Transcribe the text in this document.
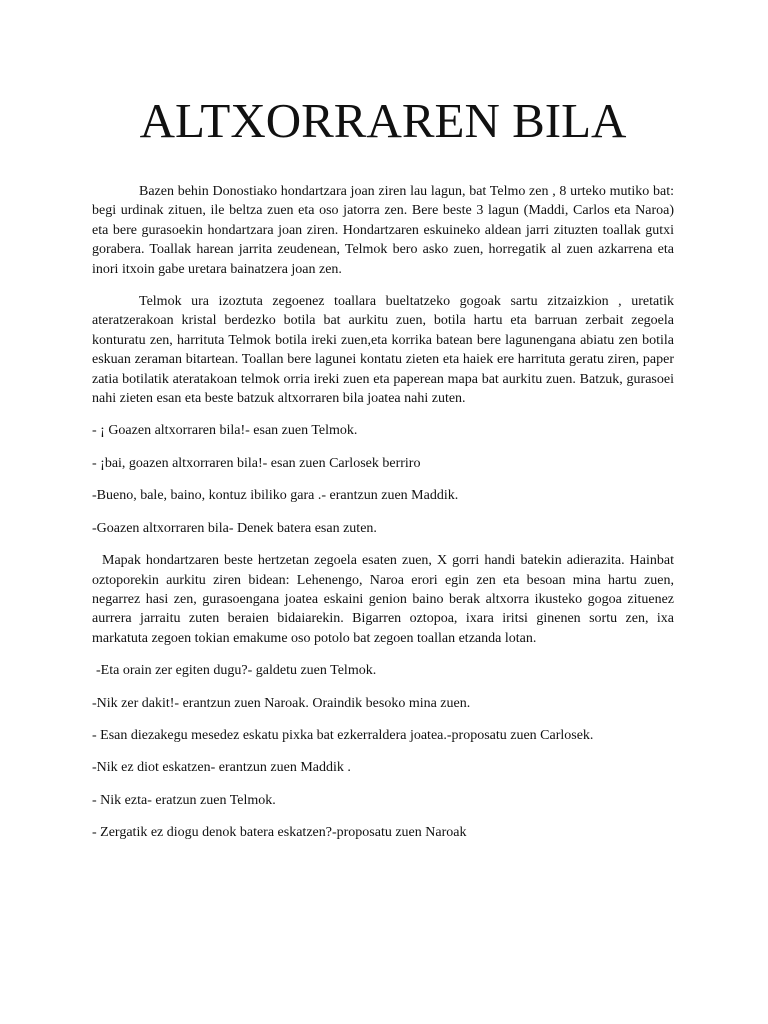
ALTXORRAREN BILA

Bazen behin Donostiako hondartzara joan ziren lau lagun, bat Telmo zen , 8 urteko mutiko bat: begi urdinak zituen, ile beltza zuen eta oso jatorra zen. Bere beste 3 lagun (Maddi, Carlos eta Naroa) eta bere gurasoekin hondartzara joan ziren. Hondartzaren eskuineko aldean jarri zituzten toallak gutxi gorabera. Toallak harean jarrita zeudenean, Telmok bero asko zuen, horregatik al zuen azkarrena eta inori itxoin gabe uretara bainatzera joan zen.

Telmok ura izoztuta zegoenez toallara bueltatzeko gogoak sartu zitzaizkion , uretatik ateratzerakoan kristal berdezko botila bat aurkitu zuen, botila hartu eta barruan zerbait zegoela konturatu zen, harrituta Telmok botila ireki zuen,eta korrika batean bere lagunengana abiatu zen botila eskuan zeraman bitartean. Toallan bere lagunei kontatu zieten eta haiek ere harrituta geratu ziren, paper zatia botilatik ateratakoan telmok orria ireki zuen eta paperean mapa bat aurkitu zuen. Batzuk, gurasoei nahi zieten esan eta beste batzuk altxorraren bila joatea nahi zuten.

- ¡ Goazen altxorraren bila!- esan zuen Telmok.

- ¡bai, goazen altxorraren bila!- esan zuen Carlosek berriro

-Bueno, bale, baino, kontuz ibiliko gara .- erantzun zuen Maddik.

-Goazen altxorraren bila- Denek batera esan zuten.

Mapak hondartzaren beste hertzetan zegoela esaten zuen, X gorri handi batekin adierazita. Hainbat oztoporekin aurkitu ziren bidean: Lehenengo, Naroa erori egin zen eta besoan mina hartu zuen, negarrez hasi zen, gurasoengana joatea eskaini genion baino berak altxorra ikusteko gogoa zituenez aurrera jarraitu zuten beraien bidaiarekin. Bigarren oztopoa, ixara iritsi ginenen sortu zen, ixa markatuta zegoen tokian emakume oso potolo bat zegoen toallan etzanda lotan.

-Eta orain zer egiten dugu?- galdetu zuen Telmok.

-Nik zer dakit!- erantzun zuen Naroak. Oraindik besoko mina zuen.

- Esan diezakegu mesedez eskatu pixka bat ezkerraldera joatea.-proposatu zuen Carlosek.

-Nik ez diot eskatzen- erantzun zuen Maddik .

- Nik ezta- eratzun zuen Telmok.

- Zergatik ez diogu denok batera eskatzen?-proposatu zuen Naroak
